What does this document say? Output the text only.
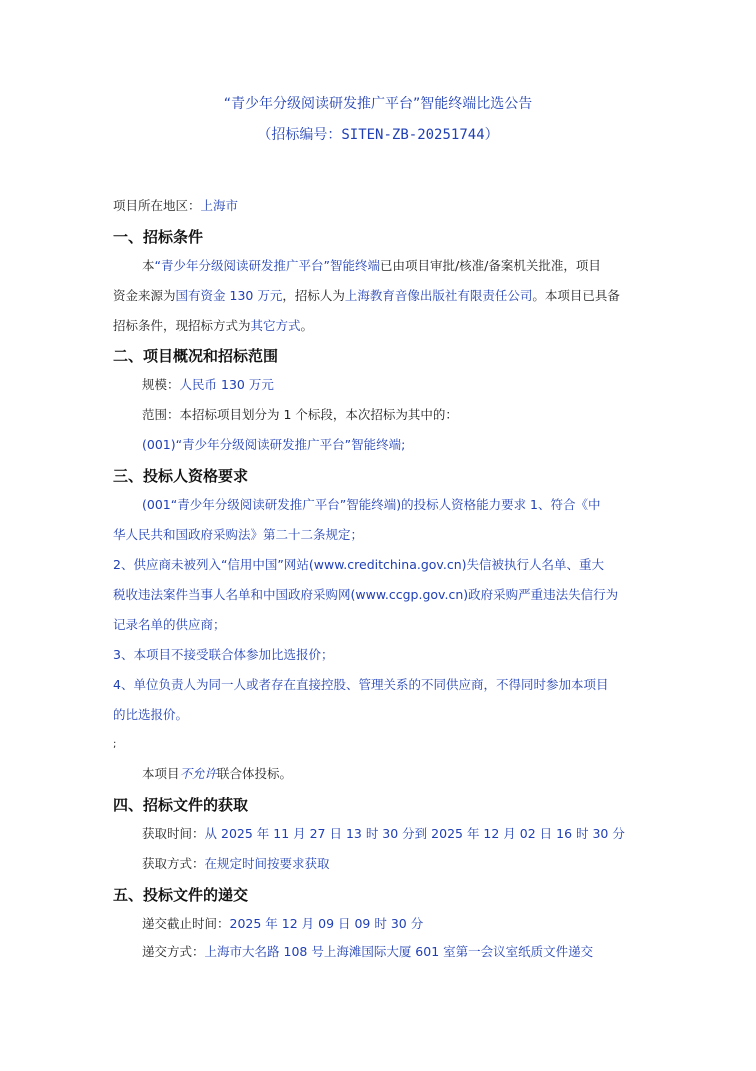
“青少年分级阅读研发推广平台”智能终端比选公告
（招标编号：SITEN-ZB-20251744）
项目所在地区：上海市
一、招标条件
本“青少年分级阅读研发推广平台”智能终端已由项目审批/核准/备案机关批准，项目
资金来源为国有资金 130 万元，招标人为上海教育音像出版社有限责任公司。本项目已具备
招标条件，现招标方式为其它方式。
二、项目概况和招标范围
规模：人民币 130 万元
范围：本招标项目划分为 1 个标段，本次招标为其中的：
(001)“青少年分级阅读研发推广平台”智能终端;
三、投标人资格要求
(001“青少年分级阅读研发推广平台”智能终端)的投标人资格能力要求 1、符合《中
华人民共和国政府采购法》第二十二条规定；
2、供应商未被列入“信用中国”网站(www.creditchina.gov.cn)失信被执行人名单、重大
税收违法案件当事人名单和中国政府采购网(www.ccgp.gov.cn)政府采购严重违法失信行为
记录名单的供应商；
3、本项目不接受联合体参加比选报价；
4、单位负责人为同一人或者存在直接控股、管理关系的不同供应商，不得同时参加本项目
的比选报价。
;
本项目不允许联合体投标。
四、招标文件的获取
获取时间：从 2025 年 11 月 27 日 13 时 30 分到 2025 年 12 月 02 日 16 时 30 分
获取方式：在规定时间按要求获取
五、投标文件的递交
递交截止时间：2025 年 12 月 09 日 09 时 30 分
递交方式：上海市大名路 108 号上海滩国际大厦 601 室第一会议室纸质文件递交
